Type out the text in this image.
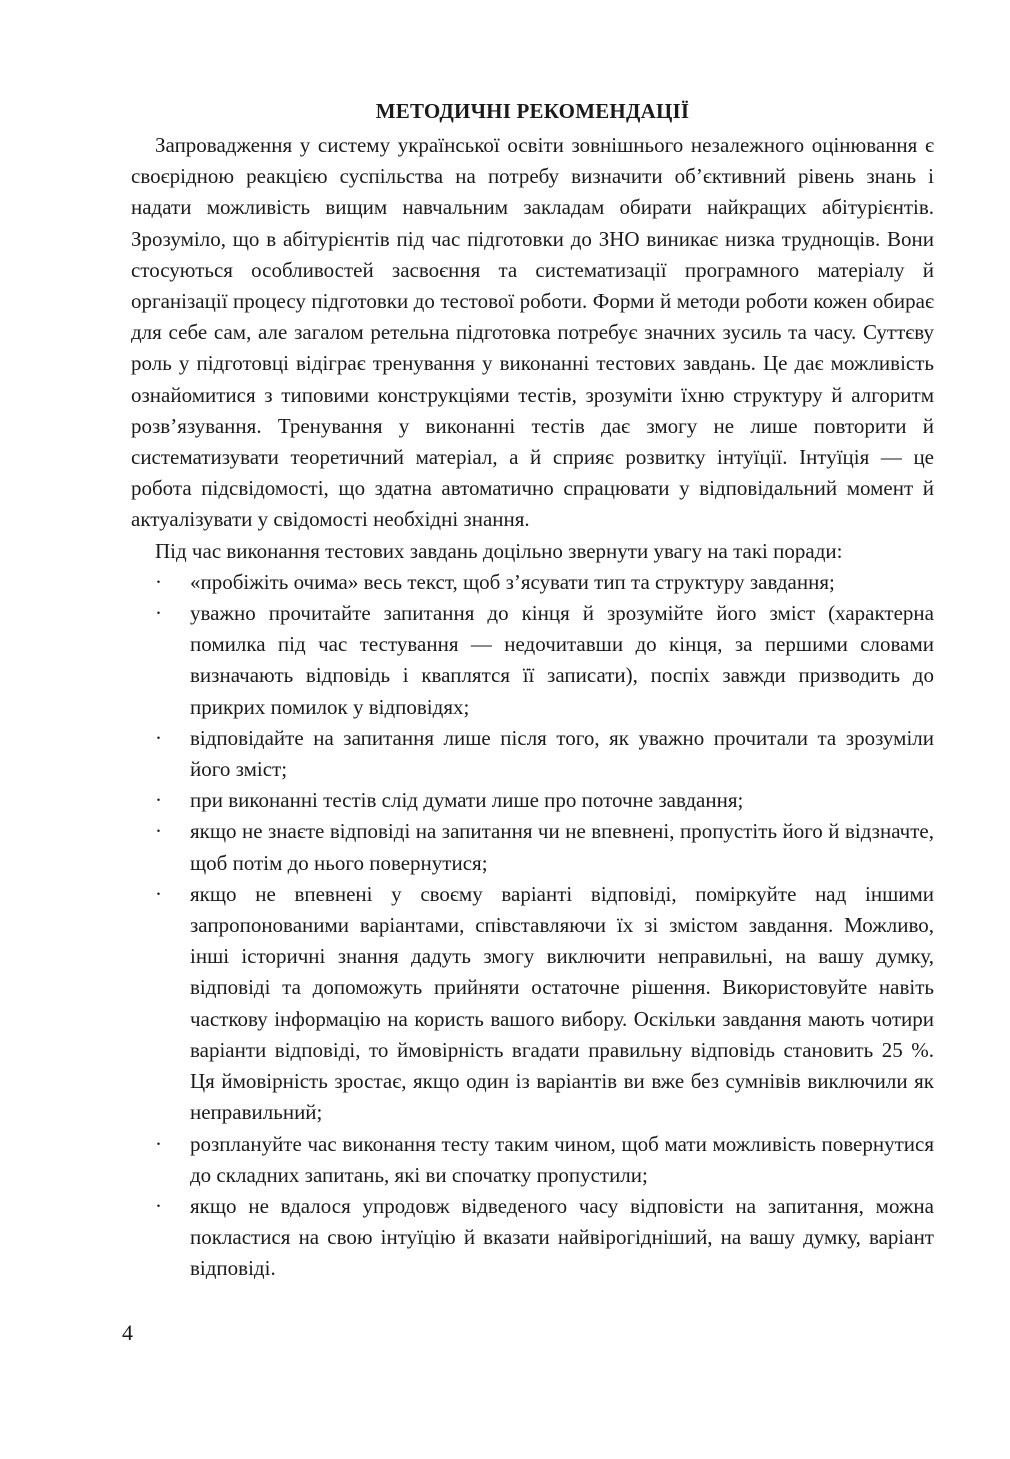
МЕТОДИЧНІ РЕКОМЕНДАЦІЇ

Запровадження у систему української освіти зовнішнього незалежного оцінювання є своєрідною реакцією суспільства на потребу визначити об’єктивний рівень знань і надати можливість вищим навчальним закладам обирати найкращих абітурієнтів. Зрозуміло, що в абітурієнтів під час підготовки до ЗНО виникає низка труднощів. Вони стосуються особливостей засвоєння та систематизації програмного матеріалу й організації процесу підготовки до тестової роботи. Форми й методи роботи кожен обирає для себе сам, але загалом ретельна підготовка потребує значних зусиль та часу. Суттєву роль у підготовці відіграє тренування у виконанні тестових завдань. Це дає можливість ознайомитися з типовими конструкціями тестів, зрозуміти їхню структуру й алгоритм розв’язування. Тренування у виконанні тестів дає змогу не лише повторити й систематизувати теоретичний матеріал, а й сприяє розвитку інтуїції. Інтуїція — це робота підсвідомості, що здатна автоматично спрацювати у відповідальний момент й актуалізувати у свідомості необхідні знання.

Під час виконання тестових завдань доцільно звернути увагу на такі поради:

· «пробіжіть очима» весь текст, щоб з’ясувати тип та структуру завдання;
· уважно прочитайте запитання до кінця й зрозумійте його зміст (характерна помилка під час тестування — недочитавши до кінця, за першими словами визначають відповідь і кваплятся її записати), поспіх завжди призводить до прикрих помилок у відповідях;
· відповідайте на запитання лише після того, як уважно прочитали та зрозуміли його зміст;
· при виконанні тестів слід думати лише про поточне завдання;
· якщо не знаєте відповіді на запитання чи не впевнені, пропустіть його й відзначте, щоб потім до нього повернутися;
· якщо не впевнені у своєму варіанті відповіді, поміркуйте над іншими запропонованими варіантами, співставляючи їх зі змістом завдання. Можливо, інші історичні знання дадуть змогу виключити неправильні, на вашу думку, відповіді та допоможуть прийняти остаточне рішення. Використовуйте навіть часткову інформацію на користь вашого вибору. Оскільки завдання мають чотири варіанти відповіді, то ймовірність вгадати правильну відповідь становить 25 %. Ця ймовірність зростає, якщо один із варіантів ви вже без сумнівів виключили як неправильний;
· розплануйте час виконання тесту таким чином, щоб мати можливість повернутися до складних запитань, які ви спочатку пропустили;
· якщо не вдалося упродовж відведеного часу відповісти на запитання, можна покластися на свою інтуїцію й вказати найвірогідніший, на вашу думку, варіант відповіді.
4
